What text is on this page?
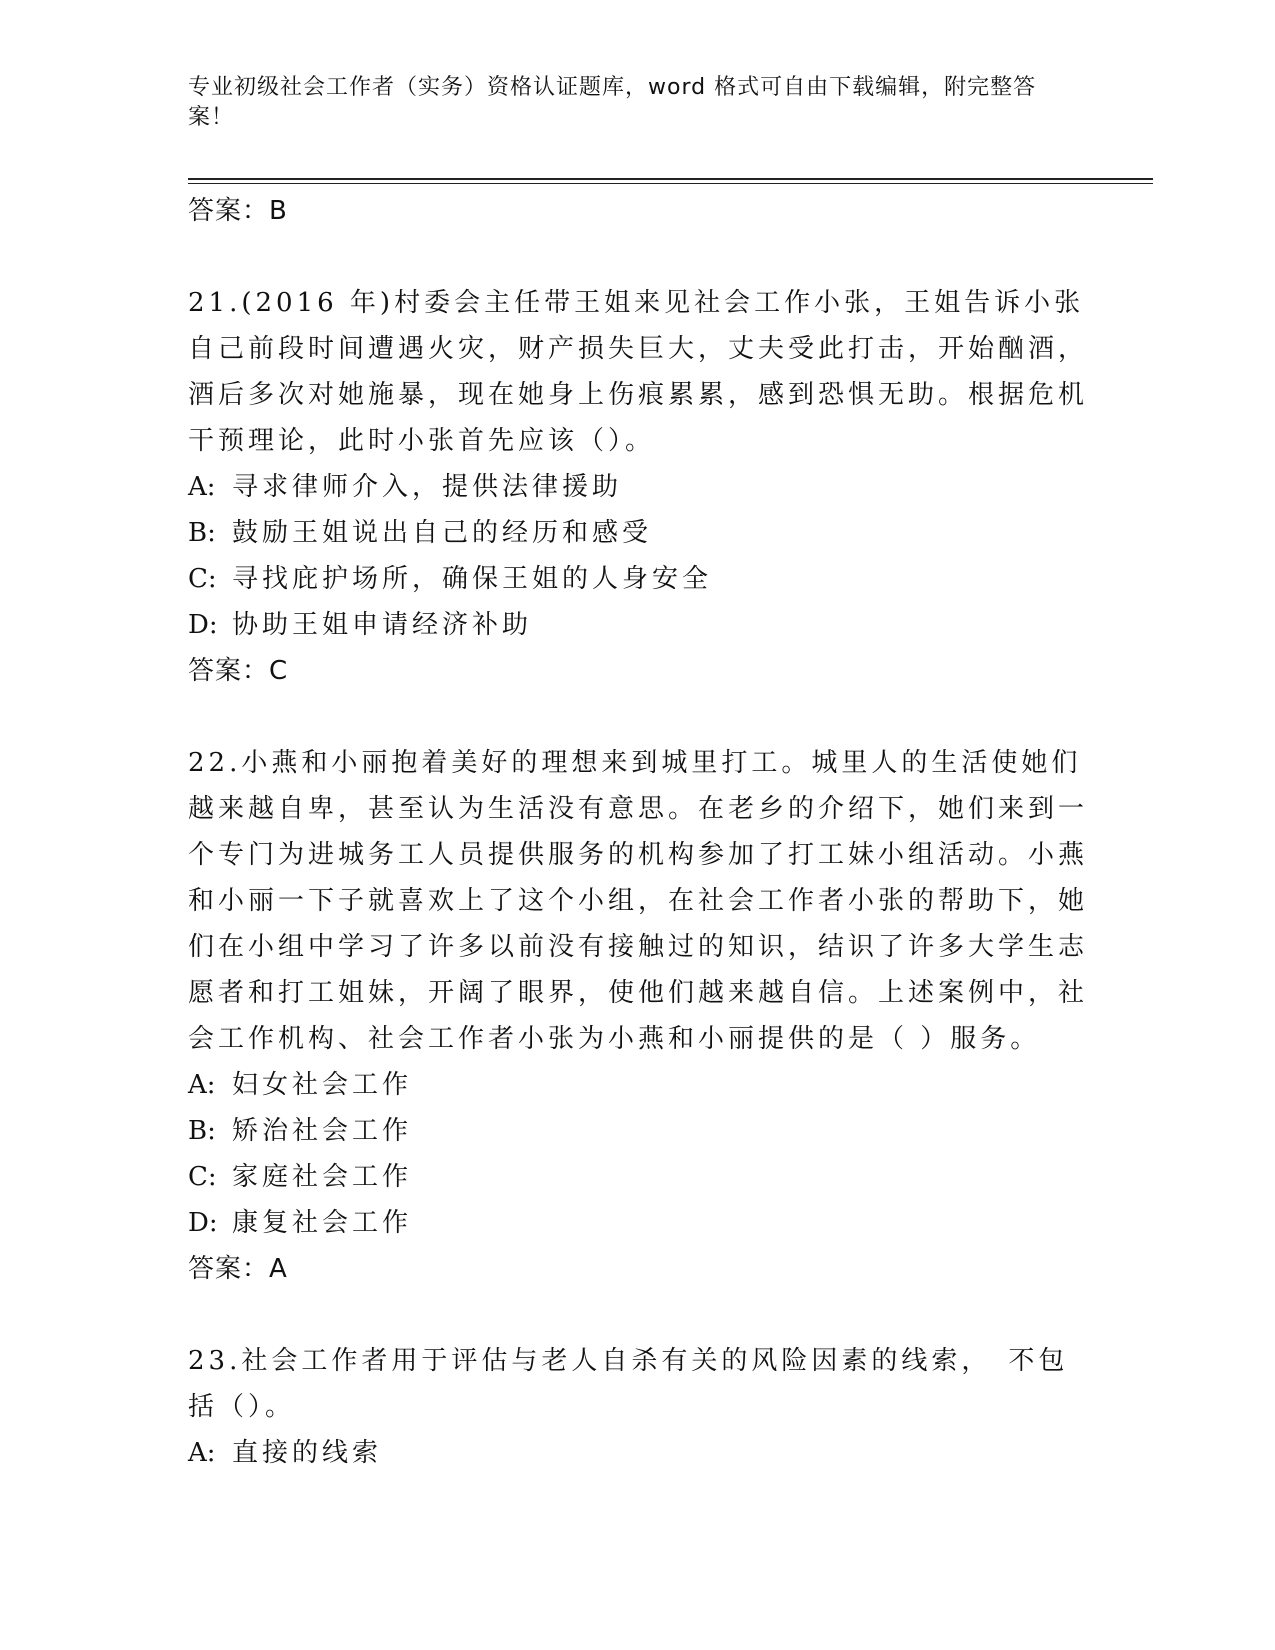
专业初级社会工作者（实务）资格认证题库，word 格式可自由下载编辑，附完整答案！

答案：B

21.(2016 年)村委会主任带王姐来见社会工作小张，王姐告诉小张自己前段时间遭遇火灾，财产损失巨大，丈夫受此打击，开始酗酒，酒后多次对她施暴，现在她身上伤痕累累，感到恐惧无助。根据危机干预理论，此时小张首先应该（）。

A: 寻求律师介入，提供法律援助

B: 鼓励王姐说出自己的经历和感受

C: 寻找庇护场所，确保王姐的人身安全

D: 协助王姐申请经济补助

答案：C

22.小燕和小丽抱着美好的理想来到城里打工。城里人的生活使她们越来越自卑，甚至认为生活没有意思。在老乡的介绍下，她们来到一个专门为进城务工人员提供服务的机构参加了打工妹小组活动。小燕和小丽一下子就喜欢上了这个小组，在社会工作者小张的帮助下，她们在小组中学习了许多以前没有接触过的知识，结识了许多大学生志愿者和打工姐妹，开阔了眼界，使他们越来越自信。上述案例中，社会工作机构、社会工作者小张为小燕和小丽提供的是（ ）服务。

A: 妇女社会工作

B: 矫治社会工作

C: 家庭社会工作

D: 康复社会工作

答案：A

23.社会工作者用于评估与老人自杀有关的风险因素的线索，　不包括（）。

A: 直接的线索
